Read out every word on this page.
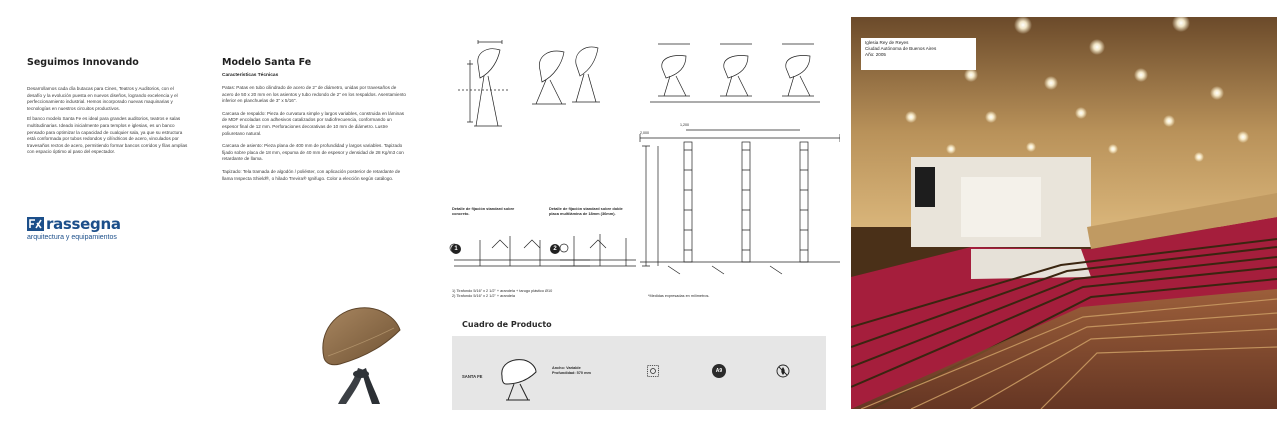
Seguimos Innovando

Desarrollamos cada día butacas para Cines, Teatros y Auditorios, con el desafío y la evolución puesta en nuevos diseños, logrando excelencia y el perfeccionamiento industrial. Hemos incorporado nuevas maquinarias y tecnologías en nuestros circuitos productivos.

El banco modelo Santa Fe es ideal para grandes auditorios, teatros e salas multitudinarias. Ideado inicialmente para templos e iglesias, es un banco pensado para optimizar la capacidad de cualquier sala, ya que su estructura está conformada por tubos redondos y cilíndricos de acero, vinculados por travesaños rectos de acero, permitiendo formar bancos corridos y filas amplias con espacio óptimo al paso del espectador.

rassegna
arquitectura y equipamientos
Modelo Santa Fe
Características Técnicas

Patas: Patas en tubo cilindrado de acero de 2" de diámetro, unidas por travesaños de acero de 50 x 20 mm en los asientos y tubo redondo de 2" en los respaldos. Asentamiento inferior en planchuelas de 3" x 5/16".

Carcasa de respaldo: Pieza de curvatura simple y largos variables, construida en láminas de MDF encoladas con adhesivos catalizados por radiofrecuencia, conformando un espesor final de 12 mm. Perforaciones decorativas de 10 mm de diámetro. Lustre poliuretano natural.

Carcasa de asiento: Pieza plana de 400 mm de profundidad y largos variables. Tapizado fijado sobre placa de 18 mm, espuma de 40 mm de espesor y densidad de 28 Kg/m3 con retardante de llama.

Tapizado: Tela tramada de algodón / poliéster, con aplicación posterior de retardante de llama Inspecta Shield®, o hilado Trevira® Ignifugo. Color a elección según catálogo.

2,000
1,200
Detalle de fijación standard sobre concreto.
Detalle de fijación standard sobre doble placa multilámina de 18mm (36mm).
1	2
1) Tirafondo 5/16" x 2 1/2" + arandela + tarugo plástico Ø10
2) Tirafondo 5/16" x 2 1/2" + arandela	*Medidas expresadas en milímetros.
Cuadro de Producto
SANTA FE
Ancho: Variable
Profundidad: 570 mm	A9
Iglesia Rey de Reyes
Ciudad Autónoma de Buenos Aires
Año: 2005
